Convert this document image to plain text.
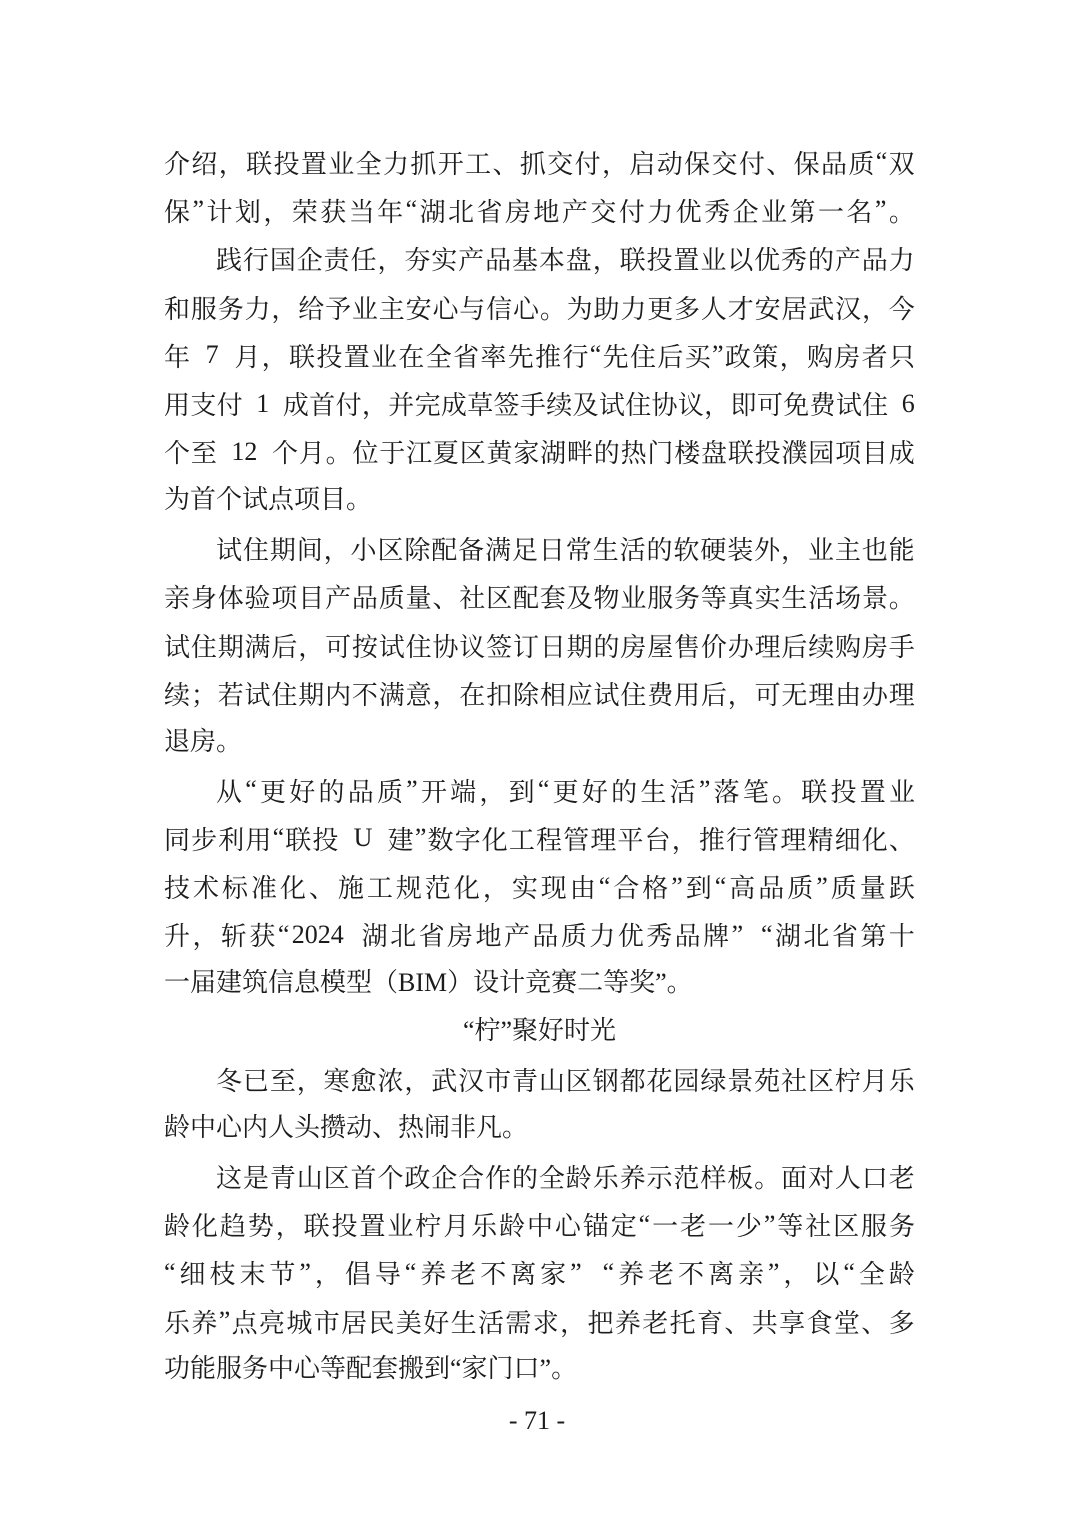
介 绍 ， 联 投 置 业 全 力 抓 开 工 、 抓 交 付 ， 启 动 保 交 付 、 保 品 质 “ 双
保 ” 计 划 ， 荣 获 当 年 “ 湖 北 省 房 地 产 交 付 力 优 秀 企 业 第 一 名 ” 。
践 行 国 企 责 任 ， 夯 实 产 品 基 本 盘 ， 联 投 置 业 以 优 秀 的 产 品 力
和 服 务 力 ， 给 予 业 主 安 心 与 信 心 。 为 助 力 更 多 人 才 安 居 武 汉 ， 今
年 7 月 ， 联 投 置 业 在 全 省 率 先 推 行 “ 先 住 后 买 ” 政 策 ， 购 房 者 只
用 支 付 1 成 首 付 ， 并 完 成 草 签 手 续 及 试 住 协 议 ， 即 可 免 费 试 住 6
个 至 12 个 月 。 位 于 江 夏 区 黄 家 湖 畔 的 热 门 楼 盘 联 投 濮 园 项 目 成
为首个试点项目。
试 住 期 间 ， 小 区 除 配 备 满 足 日 常 生 活 的 软 硬 装 外 ， 业 主 也 能
亲 身 体 验 项 目 产 品 质 量 、 社 区 配 套 及 物 业 服 务 等 真 实 生 活 场 景 。
试 住 期 满 后 ， 可 按 试 住 协 议 签 订 日 期 的 房 屋 售 价 办 理 后 续 购 房 手
续 ； 若 试 住 期 内 不 满 意 ， 在 扣 除 相 应 试 住 费 用 后 ， 可 无 理 由 办 理
退房。
从 “ 更 好 的 品 质 ” 开 端 ， 到 “ 更 好 的 生 活 ” 落 笔 。 联 投 置 业
同 步 利 用 “ 联 投 U 建 ” 数 字 化 工 程 管 理 平 台 ， 推 行 管 理 精 细 化 、
技 术 标 准 化 、 施 工 规 范 化 ， 实 现 由 “ 合 格 ” 到 “ 高 品 质 ” 质 量 跃
升 ， 斩 获 “ 2024 湖 北 省 房 地 产 品 质 力 优 秀 品 牌 ” “ 湖 北 省 第 十
一届建筑信息模型（BIM）设计竞赛二等奖”。
“柠”聚好时光
冬 已 至 ， 寒 愈 浓 ， 武 汉 市 青 山 区 钢 都 花 园 绿 景 苑 社 区 柠 月 乐
龄中心内人头攒动、热闹非凡。
这 是 青 山 区 首 个 政 企 合 作 的 全 龄 乐 养 示 范 样 板 。 面 对 人 口 老
龄 化 趋 势 ， 联 投 置 业 柠 月 乐 龄 中 心 锚 定 “ 一 老 一 少 ” 等 社 区 服 务
“ 细 枝 末 节 ” ， 倡 导 “ 养 老 不 离 家 ” “ 养 老 不 离 亲 ” ， 以 “ 全 龄
乐 养 ” 点 亮 城 市 居 民 美 好 生 活 需 求 ， 把 养 老 托 育 、 共 享 食 堂 、 多
功能服务中心等配套搬到“家门口”。
- 71 -
